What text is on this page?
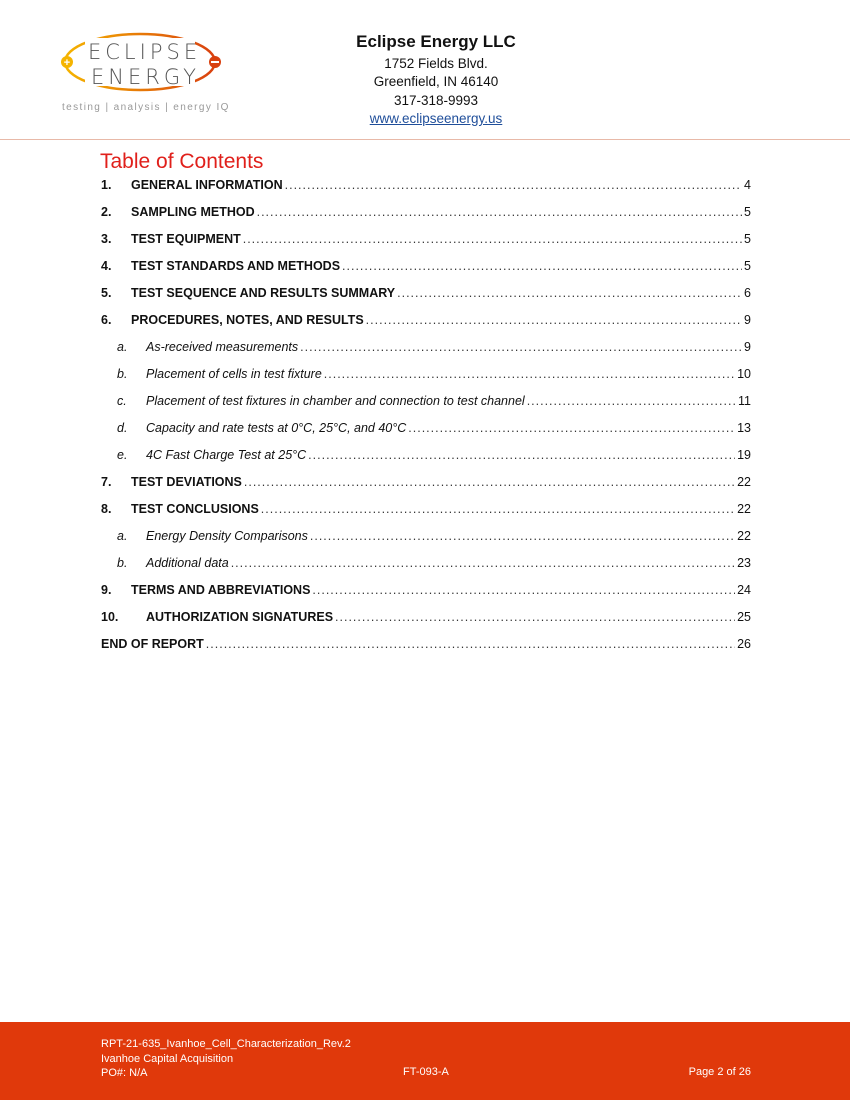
ECLIPSE
ENERGY
+
testing | analysis | energy IQ
Eclipse Energy LLC
1752 Fields Blvd.
Greenfield, IN 46140
317-318-9993
www.eclipseenergy.us
Table of Contents
1.	GENERAL INFORMATION .....	4
2.	SAMPLING METHOD .....	5
3.	TEST EQUIPMENT .....	5
4.	TEST STANDARDS AND METHODS .....	5
5.	TEST SEQUENCE AND RESULTS SUMMARY .....	6
6.	PROCEDURES, NOTES, AND RESULTS .....	9
a.	As-received measurements .....	9
b.	Placement of cells in test fixture .....	10
c.	Placement of test fixtures in chamber and connection to test channel .....	11
d.	Capacity and rate tests at 0°C, 25°C, and 40°C .....	13
e.	4C Fast Charge Test at 25°C .....	19
7.	TEST DEVIATIONS .....	22
8.	TEST CONCLUSIONS .....	22
a.	Energy Density Comparisons .....	22
b.	Additional data .....	23
9.	TERMS AND ABBREVIATIONS .....	24
10.	AUTHORIZATION SIGNATURES .....	25
END OF REPORT .....	26
RPT-21-635_Ivanhoe_Cell_Characterization_Rev.2
Ivanhoe Capital Acquisition
PO#: N/A	FT-093-A	Page 2 of 26
